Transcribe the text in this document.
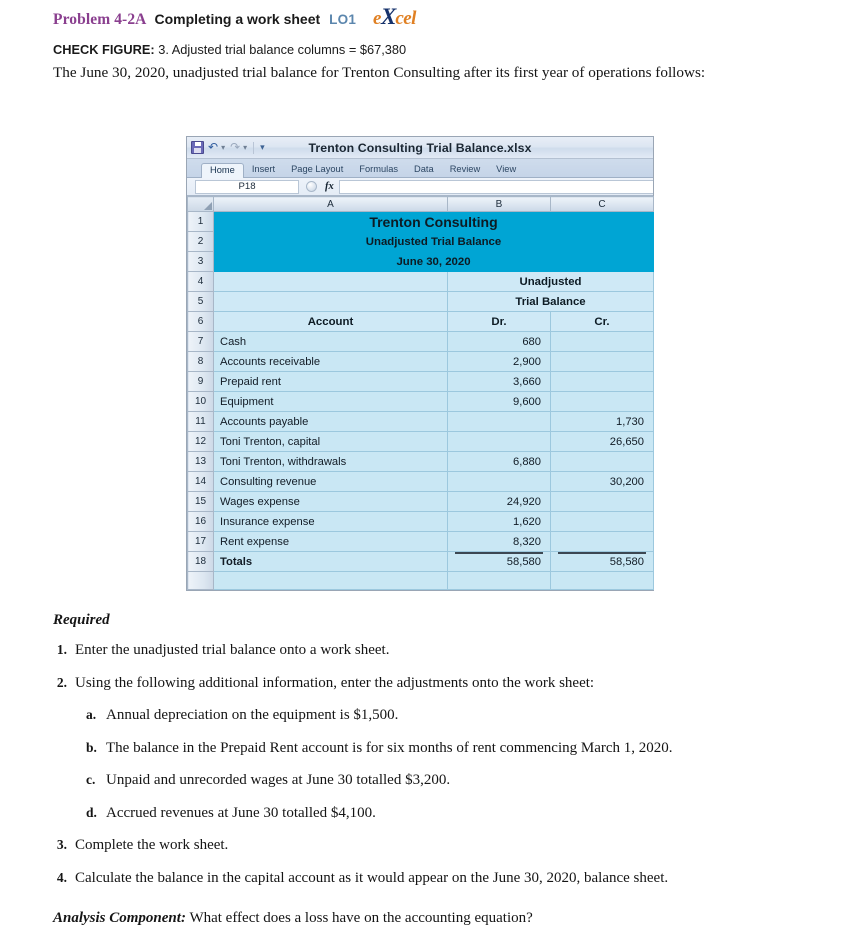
Problem 4-2A Completing a work sheet LO1 eXcel
CHECK FIGURE: 3. Adjusted trial balance columns = $67,380
The June 30, 2020, unadjusted trial balance for Trenton Consulting after its first year of operations follows:
↶ ▾ ↷ ▾ ▾	Trenton Consulting Trial Balance.xlsx
Home	Insert	Page Layout	Formulas	Data	Review	View
P18	fx
	A	B	C
1	Trenton Consulting		
2	Unadjusted Trial Balance		
3	June 30, 2020		
4		Unadjusted	
5		Trial Balance	
6	Account	Dr.	Cr.
7	Cash	680	
8	Accounts receivable	2,900	
9	Prepaid rent	3,660	
10	Equipment	9,600	
11	Accounts payable		1,730
12	Toni Trenton, capital		26,650
13	Toni Trenton, withdrawals	6,880	
14	Consulting revenue		30,200
15	Wages expense	24,920	
16	Insurance expense	1,620	
17	Rent expense	8,320	
18	Totals	58,580	58,580

Required
1. Enter the unadjusted trial balance onto a work sheet.
2. Using the following additional information, enter the adjustments onto the work sheet:
a. Annual depreciation on the equipment is $1,500.
b. The balance in the Prepaid Rent account is for six months of rent commencing March 1, 2020.
c. Unpaid and unrecorded wages at June 30 totalled $3,200.
d. Accrued revenues at June 30 totalled $4,100.
3. Complete the work sheet.
4. Calculate the balance in the capital account as it would appear on the June 30, 2020, balance sheet.
Analysis Component: What effect does a loss have on the accounting equation?
